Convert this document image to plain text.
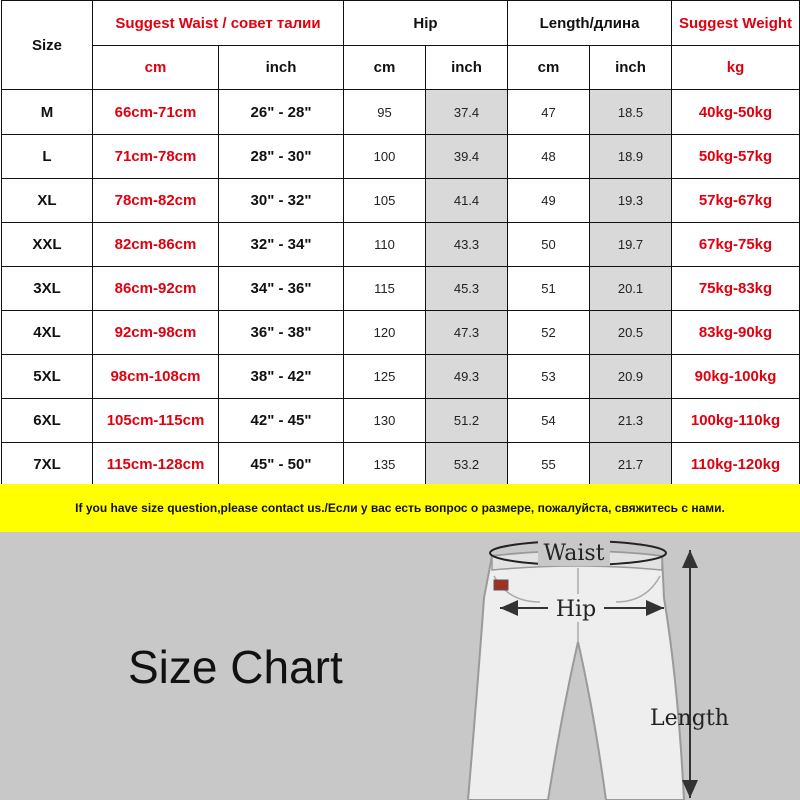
Size	Suggest Waist / совет талии		Hip		Length/длина		Suggest Weight
	cm	inch	cm	inch	cm	inch	kg
M	66cm-71cm	26" - 28"	95	37.4	47	18.5	40kg-50kg
L	71cm-78cm	28" - 30"	100	39.4	48	18.9	50kg-57kg
XL	78cm-82cm	30" - 32"	105	41.4	49	19.3	57kg-67kg
XXL	82cm-86cm	32" - 34"	110	43.3	50	19.7	67kg-75kg
3XL	86cm-92cm	34" - 36"	115	45.3	51	20.1	75kg-83kg
4XL	92cm-98cm	36" - 38"	120	47.3	52	20.5	83kg-90kg
5XL	98cm-108cm	38" - 42"	125	49.3	53	20.9	90kg-100kg
6XL	105cm-115cm	42" - 45"	130	51.2	54	21.3	100kg-110kg
7XL	115cm-128cm	45" - 50"	135	53.2	55	21.7	110kg-120kg
If you have size question,please contact us./Если у вас есть вопрос о размере, пожалуйста, свяжитесь с нами.
Waist
Hip
Length
Size Chart
